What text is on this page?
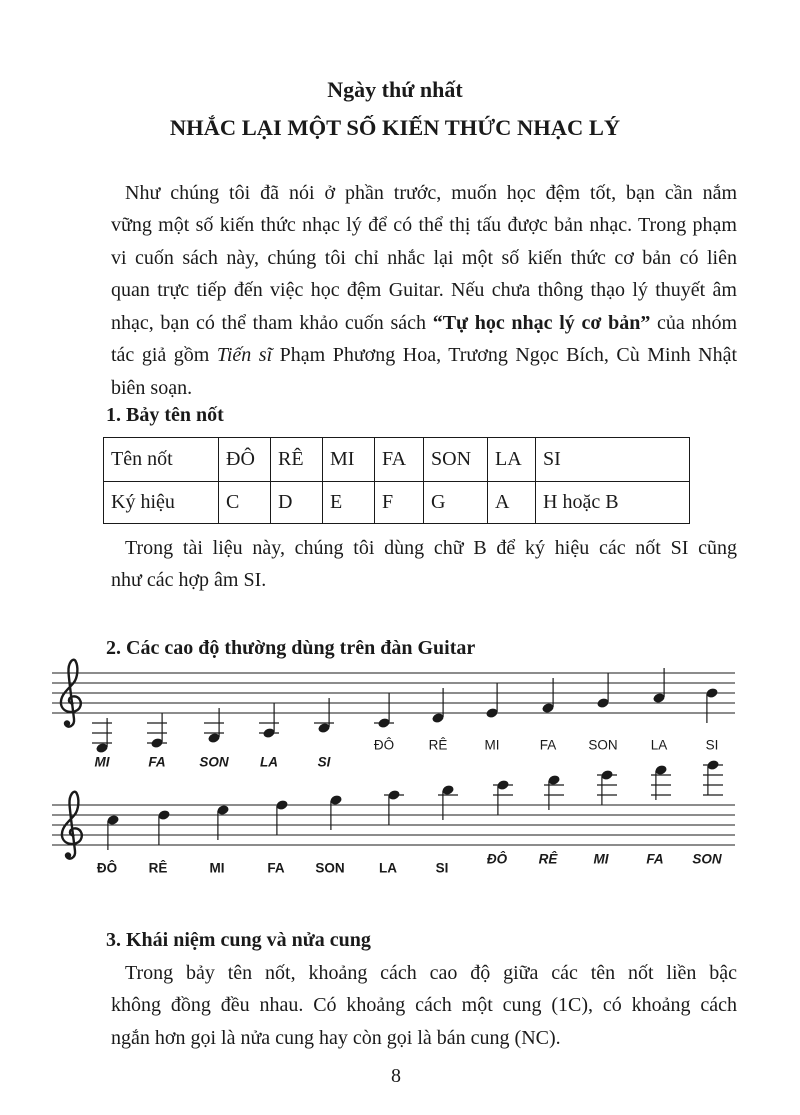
Ngày thứ nhất
NHẮC LẠI MỘT SỐ KIẾN THỨC NHẠC LÝ
Như chúng tôi đã nói ở phần trước, muốn học đệm tốt, bạn cần nắm
vững một số kiến thức nhạc lý để có thể thị tấu được bản nhạc. Trong phạm
vi cuốn sách này, chúng tôi chỉ nhắc lại một số kiến thức cơ bản có liên
quan trực tiếp đến việc học đệm Guitar. Nếu chưa thông thạo lý thuyết âm
nhạc, bạn có thể tham khảo cuốn sách “Tự học nhạc lý cơ bản” của nhóm
tác giả gồm Tiến sĩ Phạm Phương Hoa, Trương Ngọc Bích, Cù Minh Nhật
biên soạn.
1. Bảy tên nốt
Tên nốt	ĐÔ	RÊ	MI	FA	SON	LA	SI
Ký hiệu	C	D	E	F	G	A	H hoặc B
Trong tài liệu này, chúng tôi dùng chữ B để ký hiệu các nốt SI cũng
như các hợp âm SI.
2. Các cao độ thường dùng trên đàn Guitar
3. Khái niệm cung và nửa cung
Trong bảy tên nốt, khoảng cách cao độ giữa các tên nốt liền bậc
không đồng đều nhau. Có khoảng cách một cung (1C), có khoảng cách
ngắn hơn gọi là nửa cung hay còn gọi là bán cung (NC).
8
MI	FA SON LA	SI
ĐÔ	RÊ	MI	FA SON LA	SI
ĐÔ RÊ	MI	FA SON	LA	SI
ĐÔ RÊ	MI	FA SON
